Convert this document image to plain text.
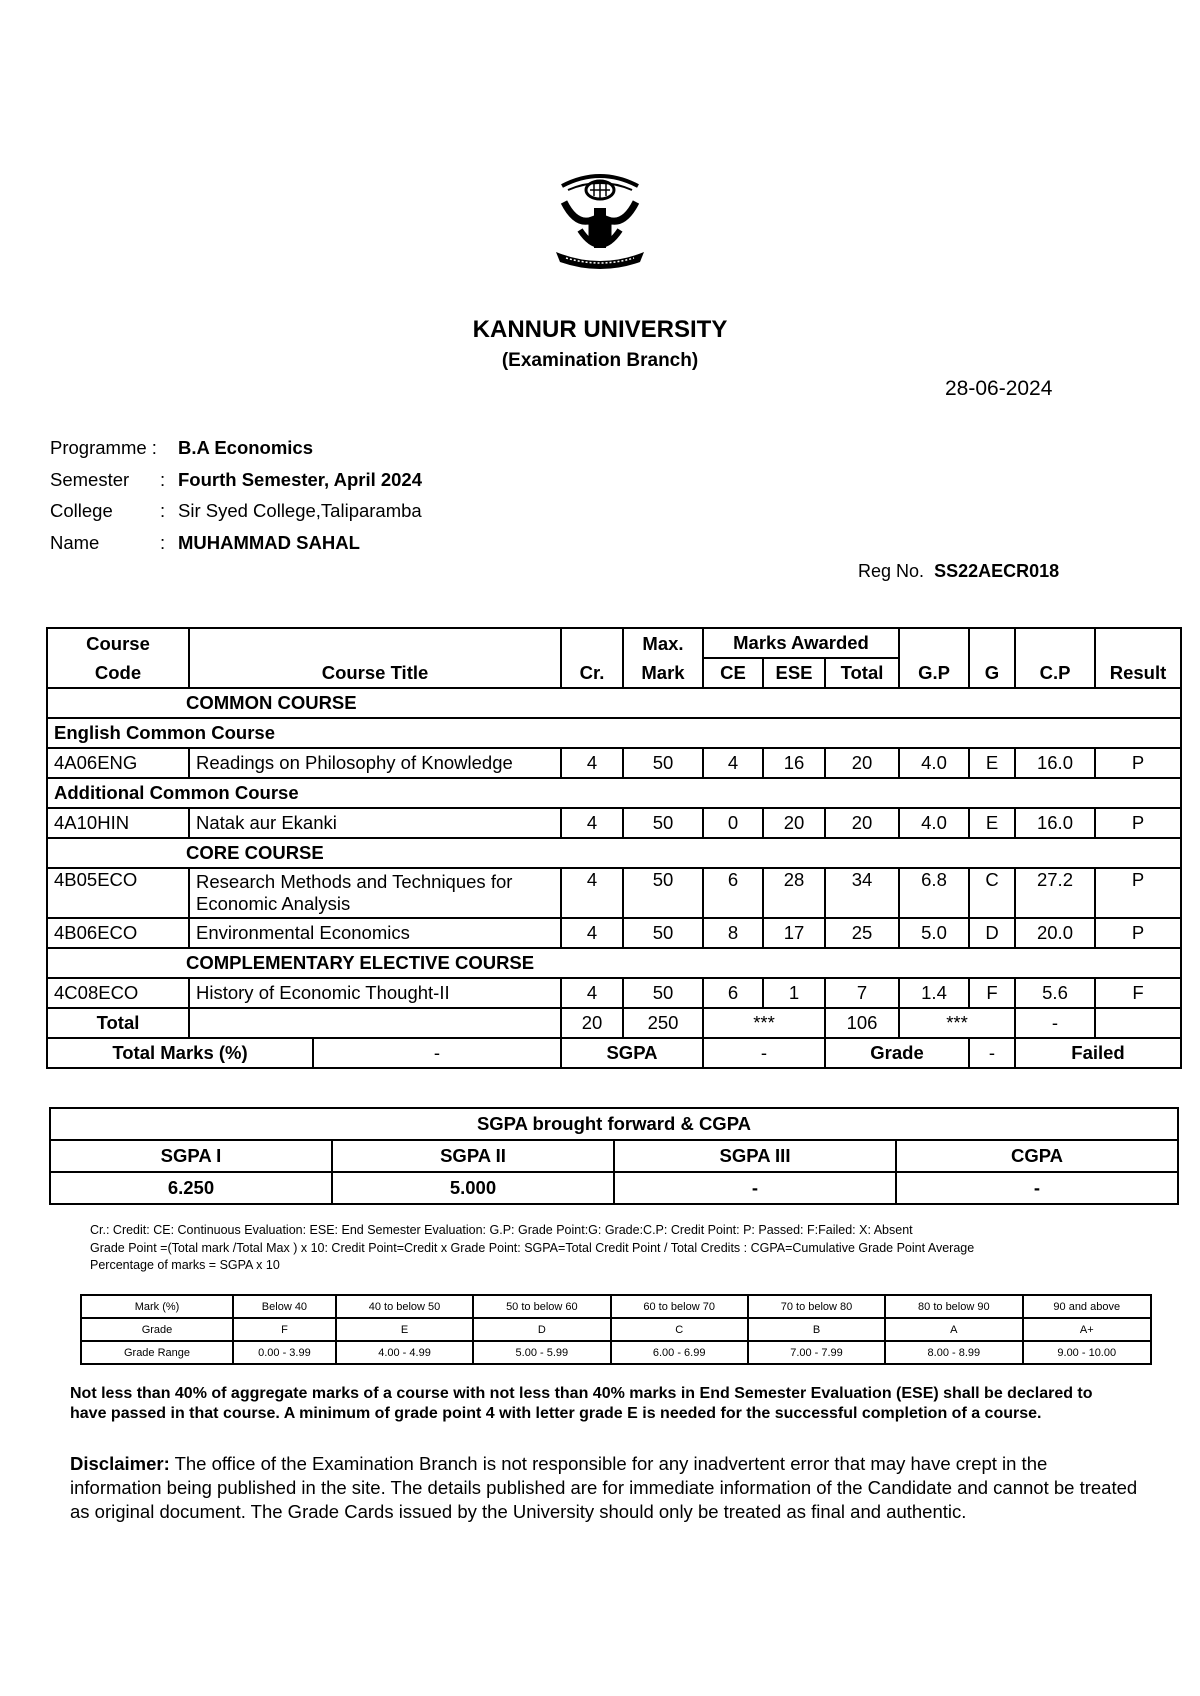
KANNUR UNIVERSITY
(Examination Branch)
28-06-2024
Programme :	B.A Economics
Semester	: Fourth Semester, April 2024
College	: Sir Syed College,Taliparamba
Name	: MUHAMMAD SAHAL
Reg No. SS22AECR018
Course				Max.	Marks Awarded						
Code	Course Title		Cr.	Mark	CE	ESE	Total	G.P	G	C.P	Result
COMMON COURSE											
English Common Course											
4A06ENG	Readings on Philosophy of Knowledge		4	50	4	16	20	4.0	E	16.0	P
Additional Common Course											
4A10HIN	Natak aur Ekanki		4	50	0	20	20	4.0	E	16.0	P
CORE COURSE											
4B05ECO	Research Methods and Techniques for Economic Analysis		4	50	6	28	34	6.8	C	27.2	P
4B06ECO	Environmental Economics		4	50	8	17	25	5.0	D	20.0	P
COMPLEMENTARY ELECTIVE COURSE											
4C08ECO	History of Economic Thought-II		4	50	6	1	7	1.4	F	5.6	F
Total			20	250	***		106	***		-	
Total Marks (%)		-	SGPA		-		Grade		-	Failed	
SGPA brought forward & CGPA			
SGPA I	SGPA II	SGPA III	CGPA
6.250	5.000	-	-
Cr.: Credit: CE: Continuous Evaluation: ESE: End Semester Evaluation: G.P: Grade Point:G: Grade:C.P: Credit Point: P: Passed: F:Failed: X: Absent
Grade Point =(Total mark /Total Max ) x 10: Credit Point=Credit x Grade Point: SGPA=Total Credit Point / Total Credits : CGPA=Cumulative Grade Point Average
Percentage of marks = SGPA x 10
Mark (%)	Below 40	40 to below 50	50 to below 60	60 to below 70	70 to below 80	80 to below 90	90 and above
Grade	F	E	D	C	B	A	A+
Grade Range	0.00 - 3.99	4.00 - 4.99	5.00 - 5.99	6.00 - 6.99	7.00 - 7.99	8.00 - 8.99	9.00 - 10.00
Not less than 40% of aggregate marks of a course with not less than 40% marks in End Semester Evaluation (ESE) shall be declared to have passed in that course. A minimum of grade point 4 with letter grade E is needed for the successful completion of a course.
Disclaimer: The office of the Examination Branch is not responsible for any inadvertent error that may have crept in the information being published in the site. The details published are for immediate information of the Candidate and cannot be treated as original document. The Grade Cards issued by the University should only be treated as final and authentic.
